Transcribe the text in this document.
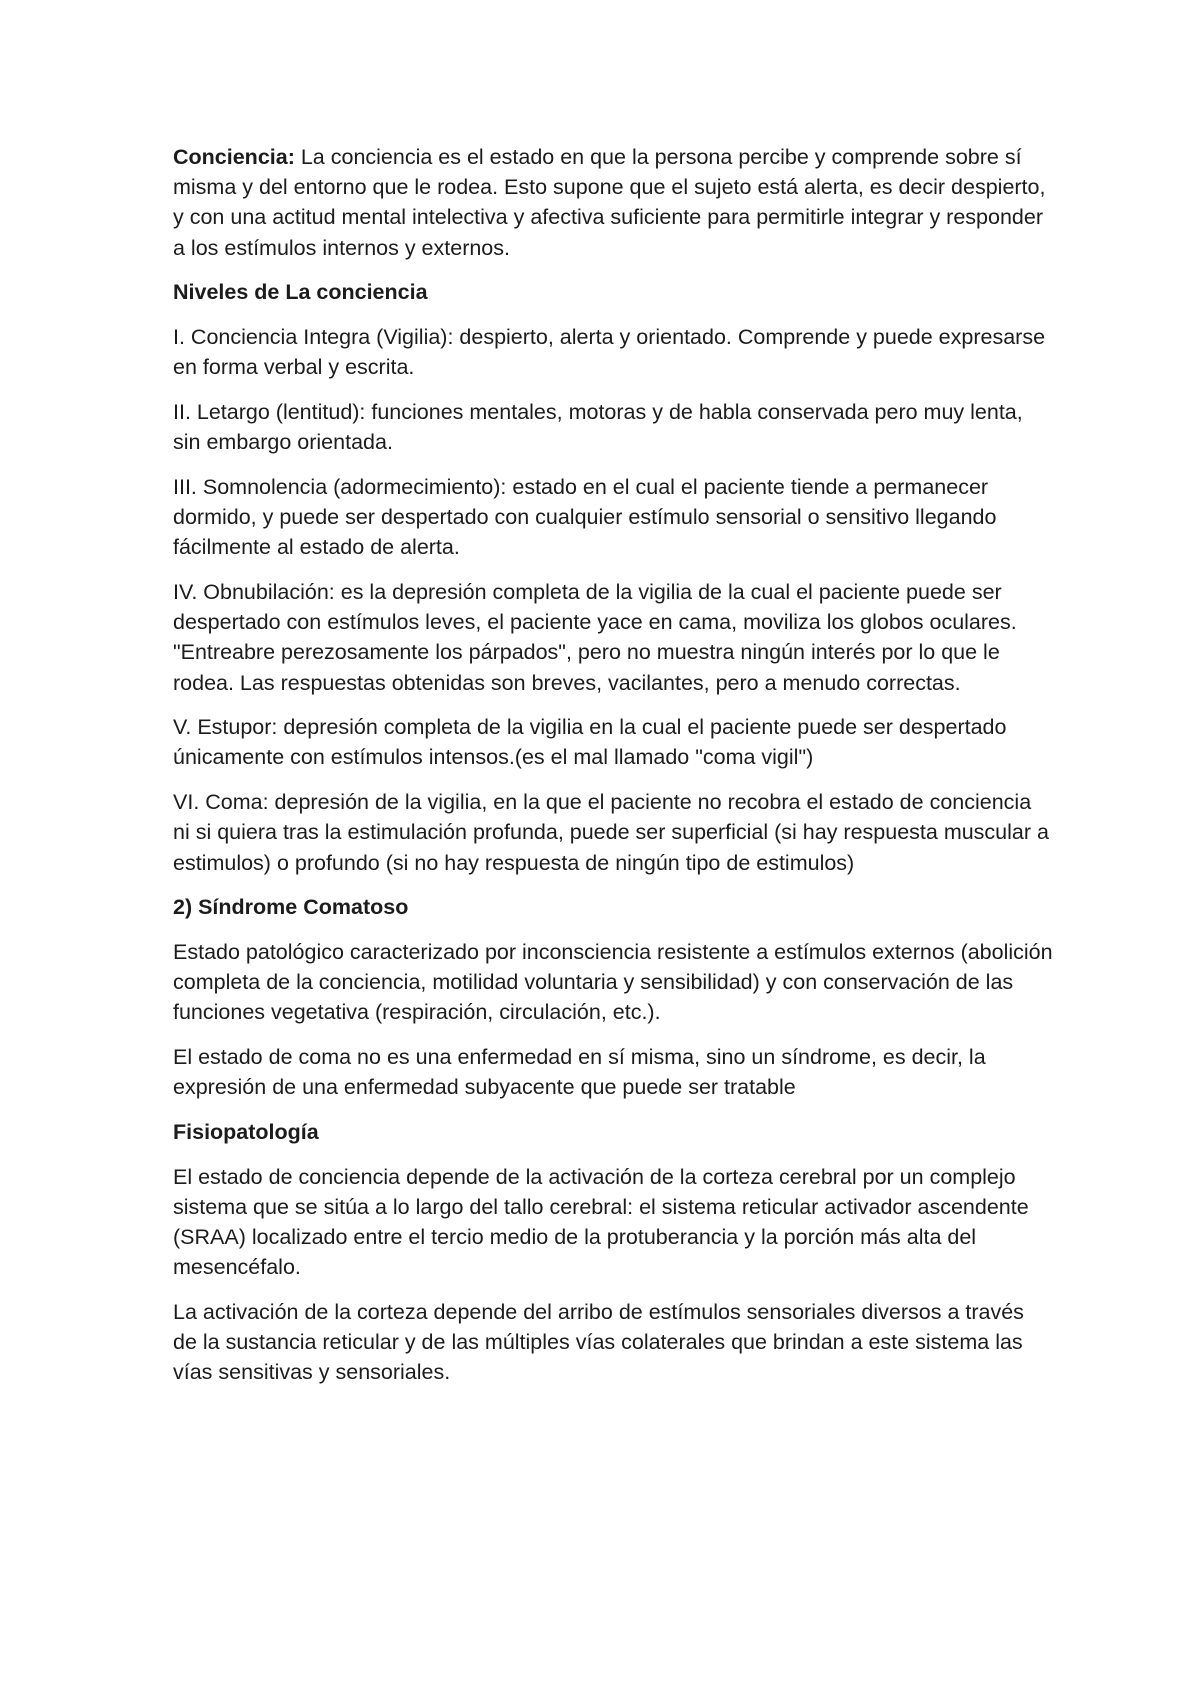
Conciencia: La conciencia es el estado en que la persona percibe y comprende sobre sí misma y del entorno que le rodea. Esto supone que el sujeto está alerta, es decir despierto, y con una actitud mental intelectiva y afectiva suficiente para permitirle integrar y responder a los estímulos internos y externos.

Niveles de La conciencia

I. Conciencia Integra (Vigilia): despierto, alerta y orientado. Comprende y puede expresarse en forma verbal y escrita.

II. Letargo (lentitud): funciones mentales, motoras y de habla conservada pero muy lenta, sin embargo orientada.

III. Somnolencia (adormecimiento): estado en el cual el paciente tiende a permanecer dormido, y puede ser despertado con cualquier estímulo sensorial o sensitivo llegando fácilmente al estado de alerta.

IV. Obnubilación: es la depresión completa de la vigilia de la cual el paciente puede ser despertado con estímulos leves, el paciente yace en cama, moviliza los globos oculares. "Entreabre perezosamente los párpados", pero no muestra ningún interés por lo que le rodea. Las respuestas obtenidas son breves, vacilantes, pero a menudo correctas.

V. Estupor: depresión completa de la vigilia en la cual el paciente puede ser despertado únicamente con estímulos intensos.(es el mal llamado "coma vigil")

VI. Coma: depresión de la vigilia, en la que el paciente no recobra el estado de conciencia ni si quiera tras la estimulación profunda, puede ser superficial (si hay respuesta muscular a estimulos) o profundo (si no hay respuesta de ningún tipo de estimulos)

2) Síndrome Comatoso

Estado patológico caracterizado por inconsciencia resistente a estímulos externos (abolición completa de la conciencia, motilidad voluntaria y sensibilidad) y con conservación de las funciones vegetativa (respiración, circulación, etc.).

El estado de coma no es una enfermedad en sí misma, sino un síndrome, es decir, la expresión de una enfermedad subyacente que puede ser tratable

Fisiopatología

El estado de conciencia depende de la activación de la corteza cerebral por un complejo sistema que se sitúa a lo largo del tallo cerebral: el sistema reticular activador ascendente (SRAA) localizado entre el tercio medio de la protuberancia y la porción más alta del mesencéfalo.

La activación de la corteza depende del arribo de estímulos sensoriales diversos a través de la sustancia reticular y de las múltiples vías colaterales que brindan a este sistema las vías sensitivas y sensoriales.
